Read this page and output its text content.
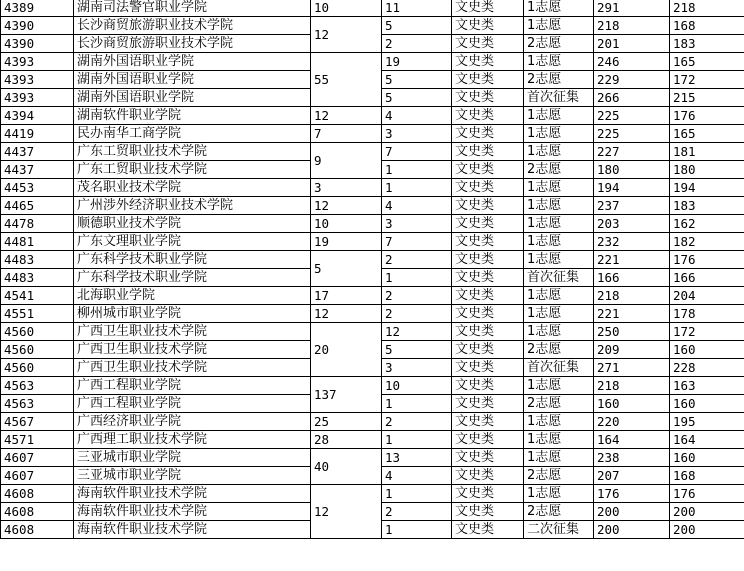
4389	湖南司法警官职业学院	10	11	文史类	1志愿	291	218
4390	长沙商贸旅游职业技术学院	12	5	文史类	1志愿	218	168
4390	长沙商贸旅游职业技术学院		2	文史类	2志愿	201	183
4393	湖南外国语职业学院	55	19	文史类	1志愿	246	165
4393	湖南外国语职业学院		5	文史类	2志愿	229	172
4393	湖南外国语职业学院		5	文史类	首次征集	266	215
4394	湖南软件职业学院	12	4	文史类	1志愿	225	176
4419	民办南华工商学院	7	3	文史类	1志愿	225	165
4437	广东工贸职业技术学院	9	7	文史类	1志愿	227	181
4437	广东工贸职业技术学院		1	文史类	2志愿	180	180
4453	茂名职业技术学院	3	1	文史类	1志愿	194	194
4465	广州涉外经济职业技术学院	12	4	文史类	1志愿	237	183
4478	顺德职业技术学院	10	3	文史类	1志愿	203	162
4481	广东文理职业学院	19	7	文史类	1志愿	232	182
4483	广东科学技术职业学院	5	2	文史类	1志愿	221	176
4483	广东科学技术职业学院		1	文史类	首次征集	166	166
4541	北海职业学院	17	2	文史类	1志愿	218	204
4551	柳州城市职业学院	12	2	文史类	1志愿	221	178
4560	广西卫生职业技术学院	20	12	文史类	1志愿	250	172
4560	广西卫生职业技术学院		5	文史类	2志愿	209	160
4560	广西卫生职业技术学院		3	文史类	首次征集	271	228
4563	广西工程职业学院	137	10	文史类	1志愿	218	163
4563	广西工程职业学院		1	文史类	2志愿	160	160
4567	广西经济职业学院	25	2	文史类	1志愿	220	195
4571	广西理工职业技术学院	28	1	文史类	1志愿	164	164
4607	三亚城市职业学院	40	13	文史类	1志愿	238	160
4607	三亚城市职业学院		4	文史类	2志愿	207	168
4608	海南软件职业技术学院	12	1	文史类	1志愿	176	176
4608	海南软件职业技术学院		2	文史类	2志愿	200	200
4608	海南软件职业技术学院		1	文史类	二次征集	200	200
